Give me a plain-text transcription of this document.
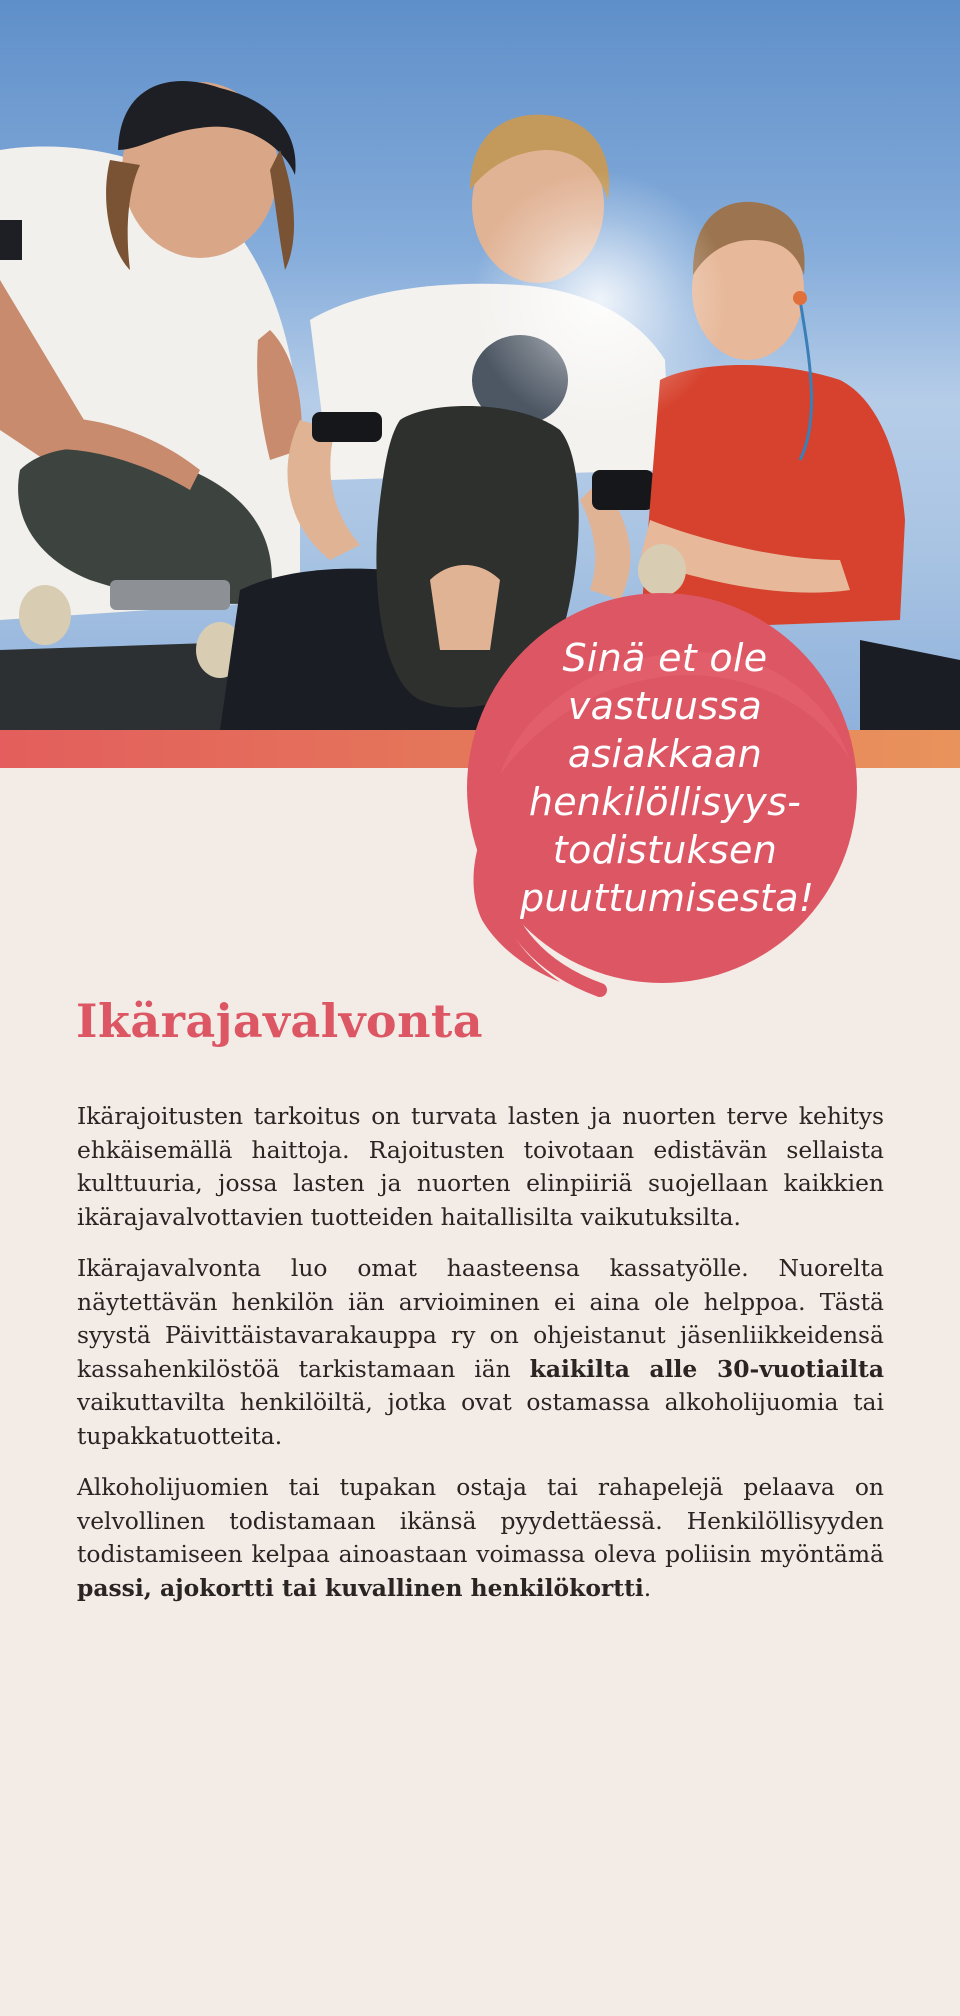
Sinä et ole
vastuussa
asiakkaan
henkilöllisyys-
todistuksen
puuttumisesta!
Ikärajavalvonta

Ikärajoitusten tarkoitus on turvata lasten ja nuorten terve kehitys ehkäisemällä haittoja. Rajoitusten toivotaan edistävän sellaista kulttuuria, jossa lasten ja nuorten elinpiiriä suojellaan kaikkien ikärajavalvottavien tuotteiden haitallisilta vaikutuksilta.

Ikärajavalvonta luo omat haasteensa kassatyölle. Nuorelta näytettävän henkilön iän arvioiminen ei aina ole helppoa. Tästä syystä Päivittäistavarakauppa ry on ohjeistanut jäsenliikkeidensä kassahenkilöstöä tarkistamaan iän kaikilta alle 30-vuotiailta vaikuttavilta henkilöiltä, jotka ovat ostamassa alkoholijuomia tai tupakkatuotteita.

Alkoholijuomien tai tupakan ostaja tai rahapelejä pelaava on velvollinen todistamaan ikänsä pyydettäessä. Henkilöllisyyden todistamiseen kelpaa ainoastaan voimassa oleva poliisin myöntämä passi, ajokortti tai kuvallinen henkilökortti.
